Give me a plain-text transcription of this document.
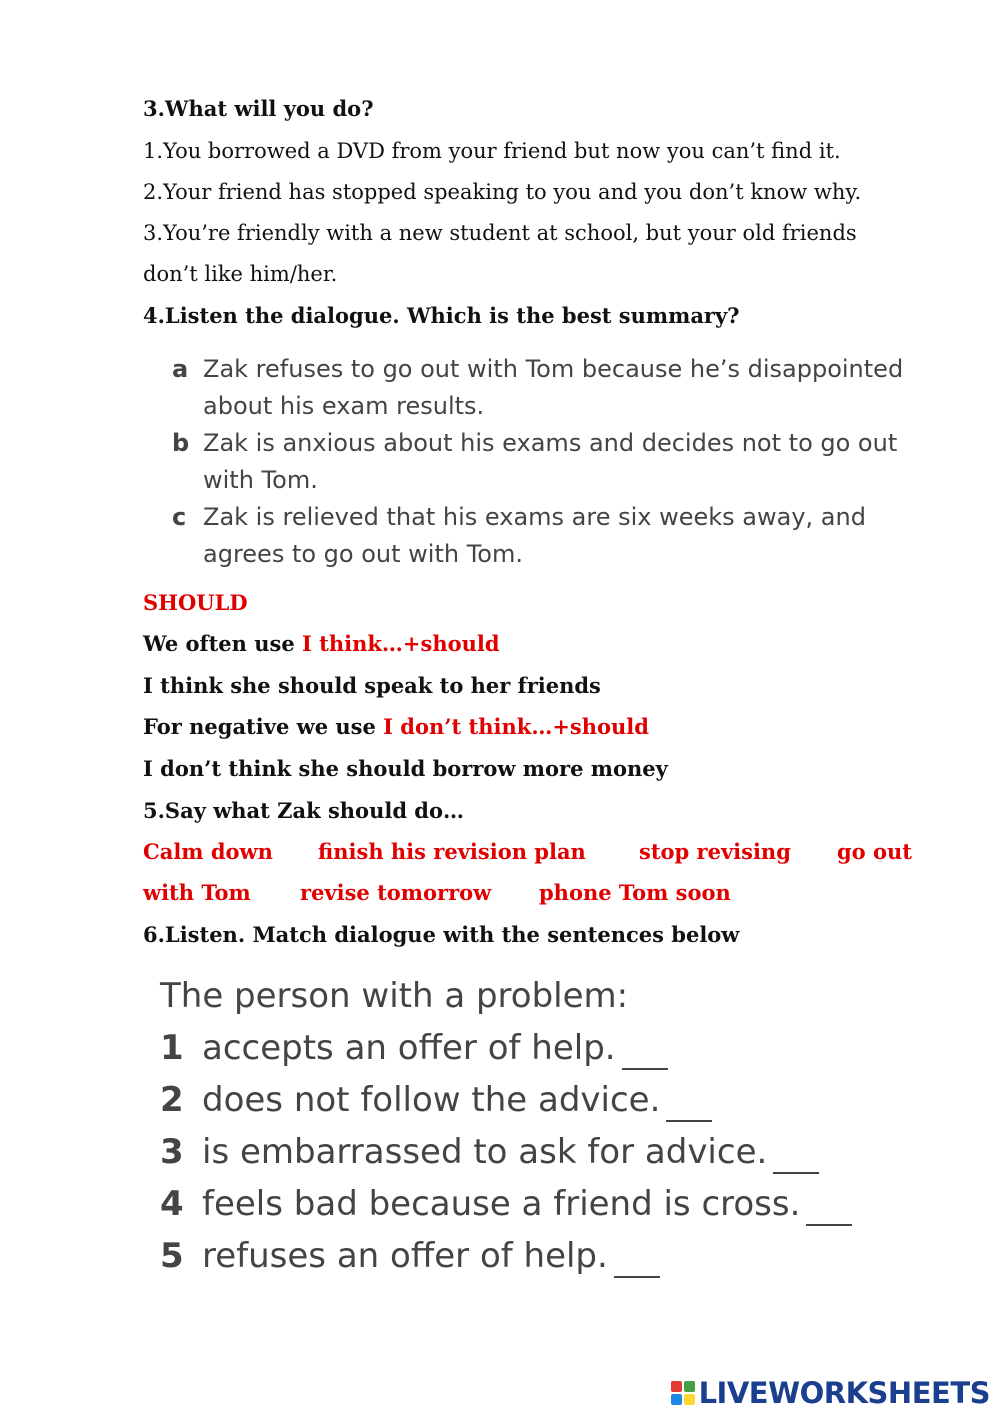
3.What will you do?
1.You borrowed a DVD from your friend but now you can’t find it.
2.Your friend has stopped speaking to you and you don’t know why.
3.You’re friendly with a new student at school, but your old friends
don’t like him/her.
4.Listen the dialogue. Which is the best summary?
a Zak refuses to go out with Tom because he’s disappointed
about his exam results.
b Zak is anxious about his exams and decides not to go out
with Tom.
c Zak is relieved that his exams are six weeks away, and
agrees to go out with Tom.
SHOULD
We often use I think…+should
I think she should speak to her friends
For negative we use I don’t think…+should
I don’t think she should borrow more money
5.Say what Zak should do…
Calm down finish his revision plan	stop revising go out
with Tom revise tomorrow phone Tom soon
6.Listen. Match dialogue with the sentences below
The person with a problem:
1 accepts an offer of help.
2 does not follow the advice.
3 is embarrassed to ask for advice.
4 feels bad because a friend is cross.
5 refuses an offer of help.
LIVEWORKSHEETS
